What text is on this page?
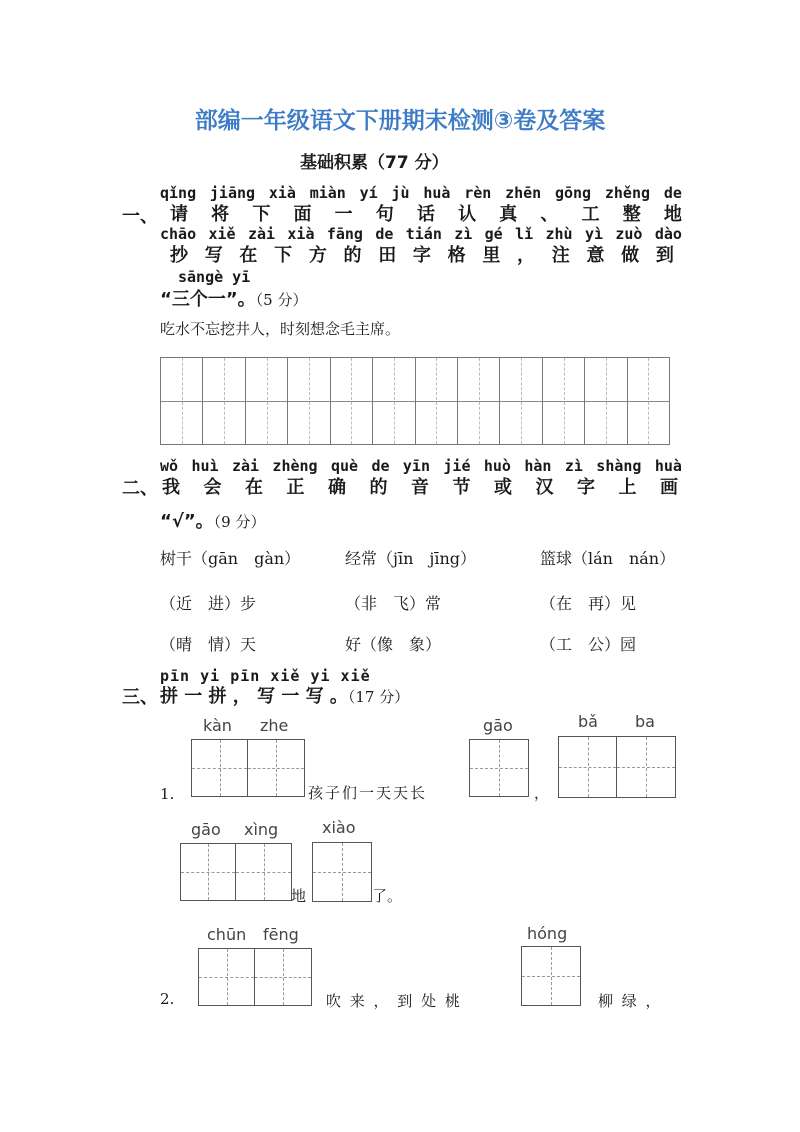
部编一年级语文下册期末检测③卷及答案
基础积累（77 分）
qǐng jiāng xià miàn yí jù huà rèn zhēn gōng zhěng de
一、 请 将 下 面 一 句 话 认 真 、 工 整 地
chāo xiě zài xià fāng de tián zì gé lǐ zhù yì zuò dào
抄 写 在 下 方 的 田 字 格 里 ， 注 意 做 到
sāngè yī
“三个一”。（5 分）
吃水不忘挖井人，时刻想念毛主席。
wǒ huì zài zhèng què de yīn jié huò hàn zì shàng huà
二、 我 会 在 正 确 的 音 节 或 汉 字 上 画
“√”。（9 分）
树干（gān　gàn）	经常（jīn　jīng）	篮球（lán　nán）
（近　进）步	（非　飞）常	（在　再）见
（晴　情）天	好（像　象）	（工　公）园
pīn yi pīn xiě yi xiě
三、 拼 一 拼 ， 写 一 写 。（17 分）
1.
kàn zhe
孩子们一天天长
gāo
，
bǎ ba
gāo xìng
地
xiào
了。
2.
chūn fēng
吹 来 ， 到 处 桃
hóng
柳 绿 ，
